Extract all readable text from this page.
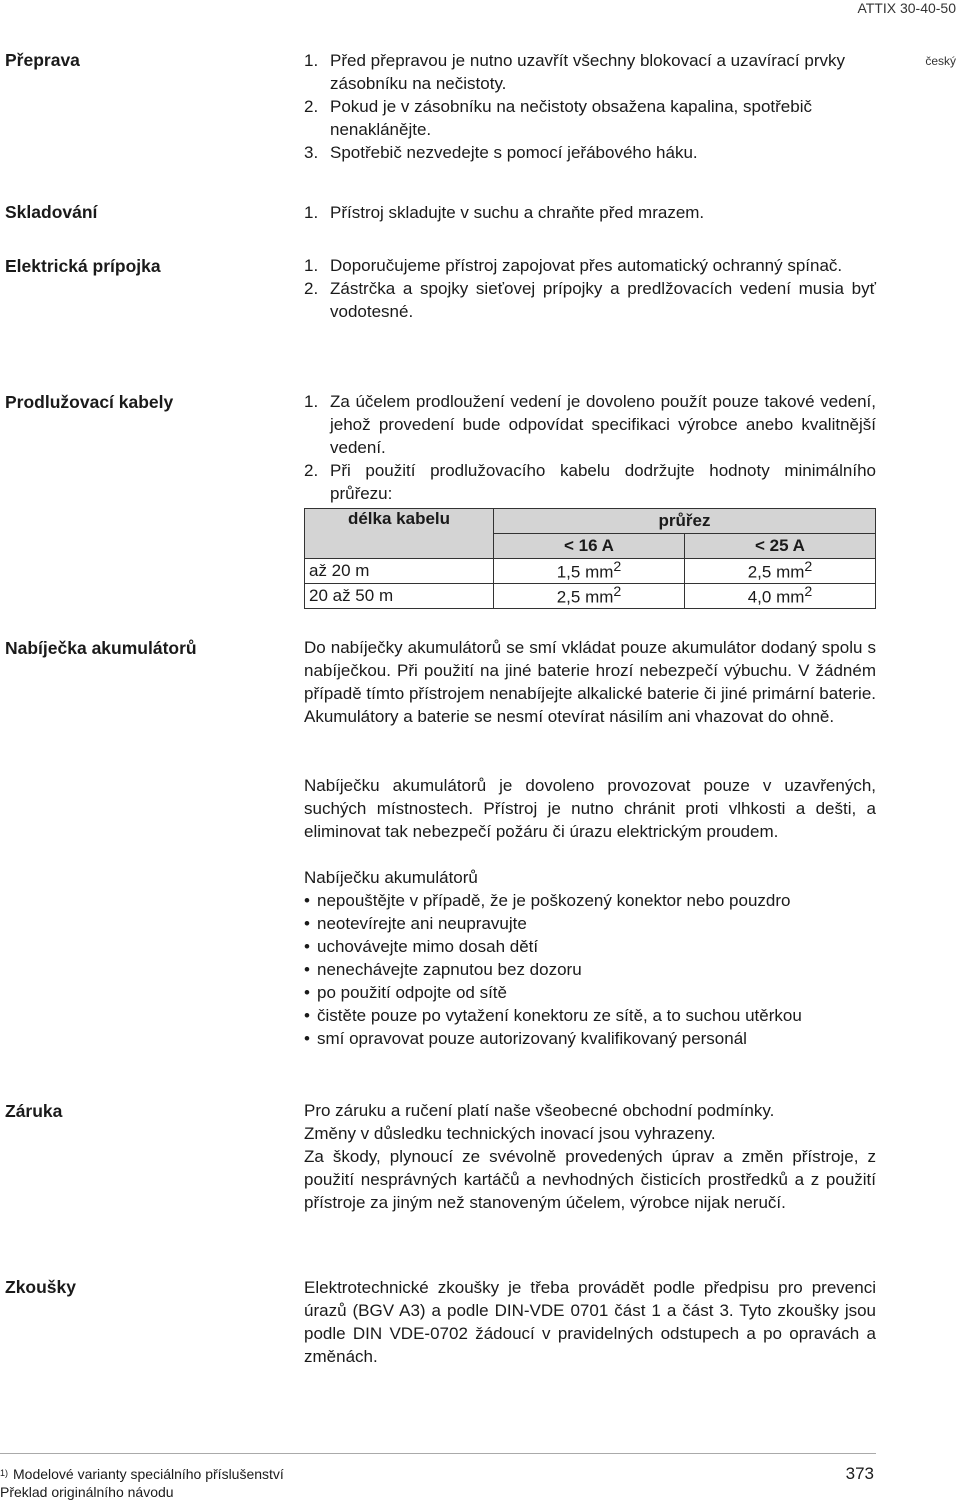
ATTIX 30-40-50
český
Přeprava	1. Před přepravou je nutno uzavřít všechny blokovací a uzavírací prvky zásobníku na nečistoty.
2. Pokud je v zásobníku na nečistoty obsažena kapalina, spotřebič nenaklánějte.
3. Spotřebič nezvedejte s pomocí jeřábového háku.
Skladování	1. Přístroj skladujte v suchu a chraňte před mrazem.
Elektrická prípojka	1. Doporučujeme přístroj zapojovat přes automatický ochranný spínač.
2. Zástrčka a spojky sieťovej prípojky a predlžovacích vedení musia byť vodotesné.
Prodlužovací kabely	1. Za účelem prodloužení vedení je dovoleno použít pouze takové vedení, jehož provedení bude odpovídat specifikaci výrobce anebo kvalitnější vedení.
2. Při použití prodlužovacího kabelu dodržujte hodnoty minimálního průřezu:
délka kabelu	průřez	
	< 16 A	< 25 A
až 20 m	1,5 $mm^2$	2,5 $mm^2$
20 až 50 m	2,5 $mm^2$	4,0 $mm^2$
Nabíječka akumulátorů	Do nabíječky akumulátorů se smí vkládat pouze akumulátor dodaný spolu s nabíječkou. Při použití na jiné baterie hrozí nebezpečí výbuchu. V žádném případě tímto přístrojem nenabíjejte alkalické baterie či jiné primární baterie. Akumulátory a baterie se nesmí otevírat násilím ani vhazovat do ohně.
Nabíječku akumulátorů je dovoleno provozovat pouze v uzavřených, suchých místnostech. Přístroj je nutno chránit proti vlhkosti a dešti, a eliminovat tak nebezpečí požáru či úrazu elektrickým proudem.

Nabíječku akumulátorů

• nepouštějte v případě, že je poškozený konektor nebo pouzdro
• neotevírejte ani neupravujte
• uchovávejte mimo dosah dětí
• nenechávejte zapnutou bez dozoru
• po použití odpojte od sítě
• čistěte pouze po vytažení konektoru ze sítě, a to suchou utěrkou
• smí opravovat pouze autorizovaný kvalifikovaný personál
Záruka	Pro záruku a ručení platí naše všeobecné obchodní podmínky.

Změny v důsledku technických inovací jsou vyhrazeny.

Za škody, plynoucí ze svévolně provedených úprav a změn přístroje, z použití nesprávných kartáčů a nevhodných čisticích prostředků a z použití přístroje za jiným než stanoveným účelem, výrobce nijak neručí.

Zkoušky	Elektrotechnické zkoušky je třeba provádět podle předpisu pro prevenci úrazů (BGV A3) a podle DIN-VDE 0701 část 1 a část 3. Tyto zkoušky jsou podle DIN VDE-0702 žádoucí v pravidelných odstupech a po opravách a změnách.
$^{1)}$ Modelové varianty speciálního příslušenství
Překlad originálního návodu
373
